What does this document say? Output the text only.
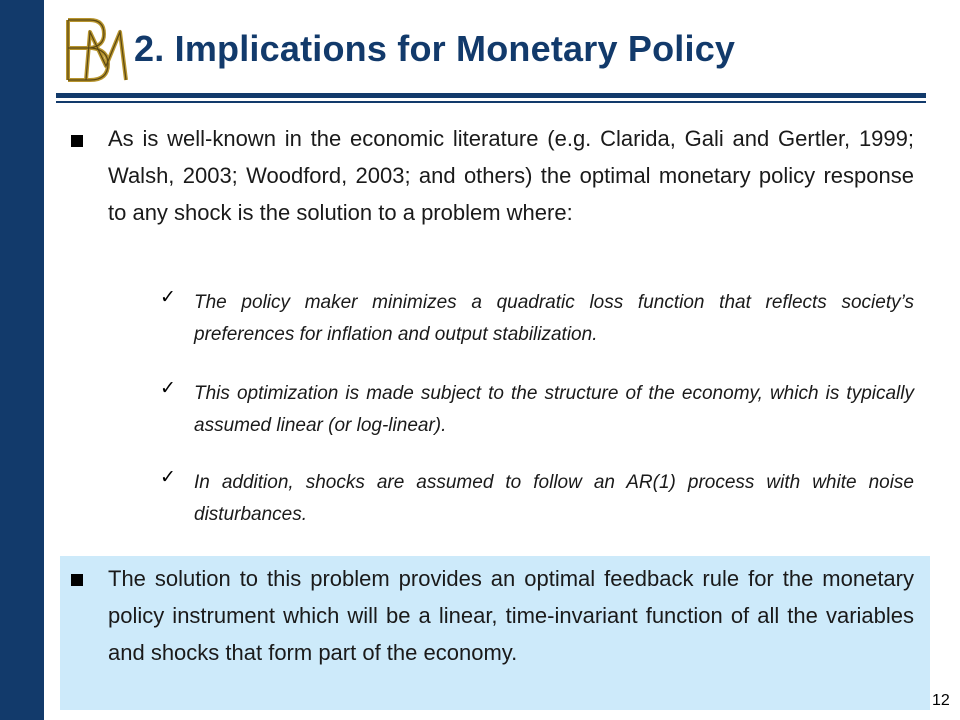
2. Implications for Monetary Policy
As is well-known in the economic literature (e.g. Clarida, Gali and Gertler, 1999; Walsh, 2003; Woodford, 2003; and others) the optimal monetary policy response to any shock is the solution to a problem where:
✓ The policy maker minimizes a quadratic loss function that reflects society’s preferences for inflation and output stabilization.
✓ This optimization is made subject to the structure of the economy, which is typically assumed linear (or log-linear).
✓ In addition, shocks are assumed to follow an AR(1) process with white noise disturbances.
The solution to this problem provides an optimal feedback rule for the monetary policy instrument which will be a linear, time-invariant function of all the variables and shocks that form part of the economy.
12
